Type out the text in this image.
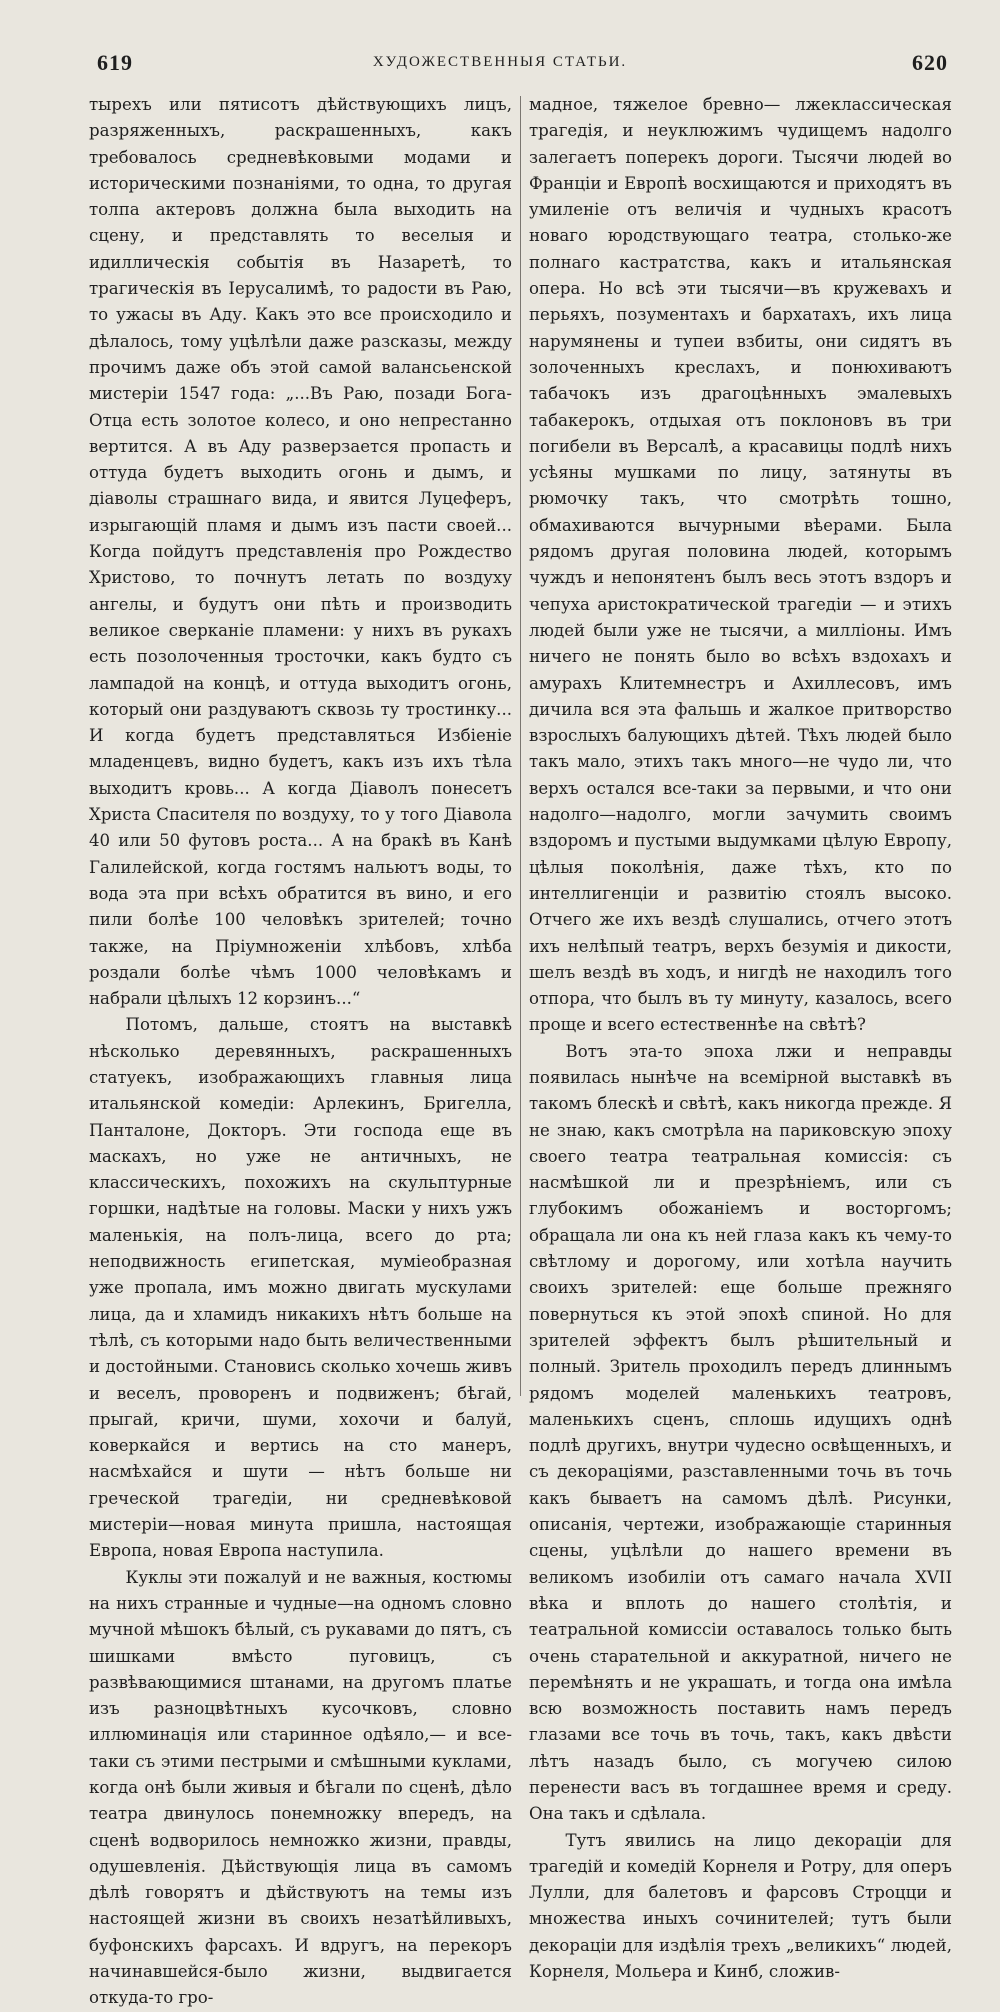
619	ХУДОЖЕСТВЕННЫЯ СТАТЬИ.	620

тырехъ или пятисотъ дѣйствующихъ лицъ, разряженныхъ, раскрашенныхъ, какъ требовалось средневѣковыми модами и историческими познаніями, то одна, то другая толпа актеровъ должна была выходить на сцену, и представлять то веселыя и идиллическія событія въ Назаретѣ, то трагическія въ Іерусалимѣ, то радости въ Раю, то ужасы въ Аду. Какъ это все происходило и дѣлалось, тому уцѣлѣли даже разсказы, между прочимъ даже объ этой самой валансьенской мистеріи 1547 года: „...Въ Раю, позади Бога-Отца есть золотое колесо, и оно непрестанно вертится. А въ Аду разверзается пропасть и оттуда будетъ выходить огонь и дымъ, и діаволы страшнаго вида, и явится Луцеферъ, изрыгающій пламя и дымъ изъ пасти своей... Когда пойдутъ представленія про Рождество Христово, то почнутъ летать по воздуху ангелы, и будутъ они пѣть и производить великое сверканіе пламени: у нихъ въ рукахъ есть позолоченныя тросточки, какъ будто съ лампадой на концѣ, и оттуда выходитъ огонь, который они раздуваютъ сквозь ту тростинку... И когда будетъ представляться Избіеніе младенцевъ, видно будетъ, какъ изъ ихъ тѣла выходитъ кровь... А когда Діаволъ понесетъ Христа Спасителя по воздуху, то у того Діавола 40 или 50 футовъ роста... А на бракѣ въ Канѣ Галилейской, когда гостямъ нальютъ воды, то вода эта при всѣхъ обратится въ вино, и его пили болѣе 100 человѣкъ зрителей; точно также, на Пріумноженіи хлѣбовъ, хлѣба роздали болѣе чѣмъ 1000 человѣкамъ и набрали цѣлыхъ 12 корзинъ...“

Потомъ, дальше, стоятъ на выставкѣ нѣсколько деревянныхъ, раскрашенныхъ статуекъ, изображающихъ главныя лица итальянской комедіи: Арлекинъ, Бригелла, Панталоне, Докторъ. Эти господа еще въ маскахъ, но уже не античныхъ, не классическихъ, похожихъ на скульптурные горшки, надѣтые на головы. Маски у нихъ ужъ маленькія, на полъ-лица, всего до рта; неподвижность египетская, муміеобразная уже пропала, имъ можно двигать мускулами лица, да и хламидъ никакихъ нѣтъ больше на тѣлѣ, съ которыми надо быть величественными и достойными. Становись сколько хочешь живъ и веселъ, проворенъ и подвиженъ; бѣгай, прыгай, кричи, шуми, хохочи и балуй, коверкайся и вертись на сто манеръ, насмѣхайся и шути — нѣтъ больше ни греческой трагедіи, ни средневѣковой мистеріи—новая минута пришла, настоящая Европа, новая Европа наступила.

Куклы эти пожалуй и не важныя, костюмы на нихъ странные и чудные—на одномъ словно мучной мѣшокъ бѣлый, съ рукавами до пятъ, съ шишками вмѣсто пуговицъ, съ развѣвающимися штанами, на другомъ платье изъ разноцвѣтныхъ кусочковъ, словно иллюминація или старинное одѣяло,— и все-таки съ этими пестрыми и смѣшными куклами, когда онѣ были живыя и бѣгали по сценѣ, дѣло театра двинулось понемножку впередъ, на сценѣ водворилось немножко жизни, правды, одушевленія. Дѣйствующія лица въ самомъ дѣлѣ говорятъ и дѣйствуютъ на темы изъ настоящей жизни въ своихъ незатѣйливыхъ, буфонскихъ фарсахъ. И вдругъ, на перекоръ начинавшейся-было жизни, выдвигается откуда-то гро-

мадное, тяжелое бревно— лжеклассическая трагедія, и неуклюжимъ чудищемъ надолго залегаетъ поперекъ дороги. Тысячи людей во Франціи и Европѣ восхищаются и приходятъ въ умиленіе отъ величія и чудныхъ красотъ новаго юродствующаго театра, столько-же полнаго кастратства, какъ и итальянская опера. Но всѣ эти тысячи—въ кружевахъ и перьяхъ, позументахъ и бархатахъ, ихъ лица нарумянены и тупеи взбиты, они сидятъ въ золоченныхъ креслахъ, и понюхиваютъ табачокъ изъ драгоцѣнныхъ эмалевыхъ табакерокъ, отдыхая отъ поклоновъ въ три погибели въ Версалѣ, а красавицы подлѣ нихъ усѣяны мушками по лицу, затянуты въ рюмочку такъ, что смотрѣть тошно, обмахиваются вычурными вѣерами. Была рядомъ другая половина людей, которымъ чуждъ и непонятенъ былъ весь этотъ вздоръ и чепуха аристократической трагедіи — и этихъ людей были уже не тысячи, а милліоны. Имъ ничего не понять было во всѣхъ вздохахъ и амурахъ Клитемнестръ и Ахиллесовъ, имъ дичила вся эта фальшь и жалкое притворство взрослыхъ балующихъ дѣтей. Тѣхъ людей было такъ мало, этихъ такъ много—не чудо ли, что верхъ остался все-таки за первыми, и что они надолго—надолго, могли зачумить своимъ вздоромъ и пустыми выдумками цѣлую Европу, цѣлыя поколѣнія, даже тѣхъ, кто по интеллигенціи и развитію стоялъ высоко. Отчего же ихъ вездѣ слушались, отчего этотъ ихъ нелѣпый театръ, верхъ безумія и дикости, шелъ вездѣ въ ходъ, и нигдѣ не находилъ того отпора, что былъ въ ту минуту, казалось, всего проще и всего естественнѣе на свѣтѣ?

Вотъ эта-то эпоха лжи и неправды появилась нынѣче на всемірной выставкѣ въ такомъ блескѣ и свѣтѣ, какъ никогда прежде. Я не знаю, какъ смотрѣла на париковскую эпоху своего театра театральная комиссія: съ насмѣшкой ли и презрѣніемъ, или съ глубокимъ обожаніемъ и восторгомъ; обращала ли она къ ней глаза какъ къ чему-то свѣтлому и дорогому, или хотѣла научить своихъ зрителей: еще больше прежняго повернуться къ этой эпохѣ спиной. Но для зрителей эффектъ былъ рѣшительный и полный. Зритель проходилъ передъ длиннымъ рядомъ моделей маленькихъ театровъ, маленькихъ сценъ, сплошь идущихъ однѣ подлѣ другихъ, внутри чудесно освѣщенныхъ, и съ декораціями, разставленными точь въ точь какъ бываетъ на самомъ дѣлѣ. Рисунки, описанія, чертежи, изображающіе старинныя сцены, уцѣлѣли до нашего времени въ великомъ изобиліи отъ самаго начала XVII вѣка и вплоть до нашего столѣтія, и театральной комиссіи оставалось только быть очень старательной и аккуратной, ничего не перемѣнять и не украшать, и тогда она имѣла всю возможность поставить намъ передъ глазами все точь въ точь, такъ, какъ двѣсти лѣтъ назадъ было, съ могучею силою перенести васъ въ тогдашнее время и среду. Она такъ и сдѣлала.

Тутъ явились на лицо декораціи для трагедій и комедій Корнеля и Ротру, для оперъ Лулли, для балетовъ и фарсовъ Строцци и множества иныхъ сочинителей; тутъ были декораціи для издѣлія трехъ „великихъ“ людей, Корнеля, Мольера и Кинб, сложив-
